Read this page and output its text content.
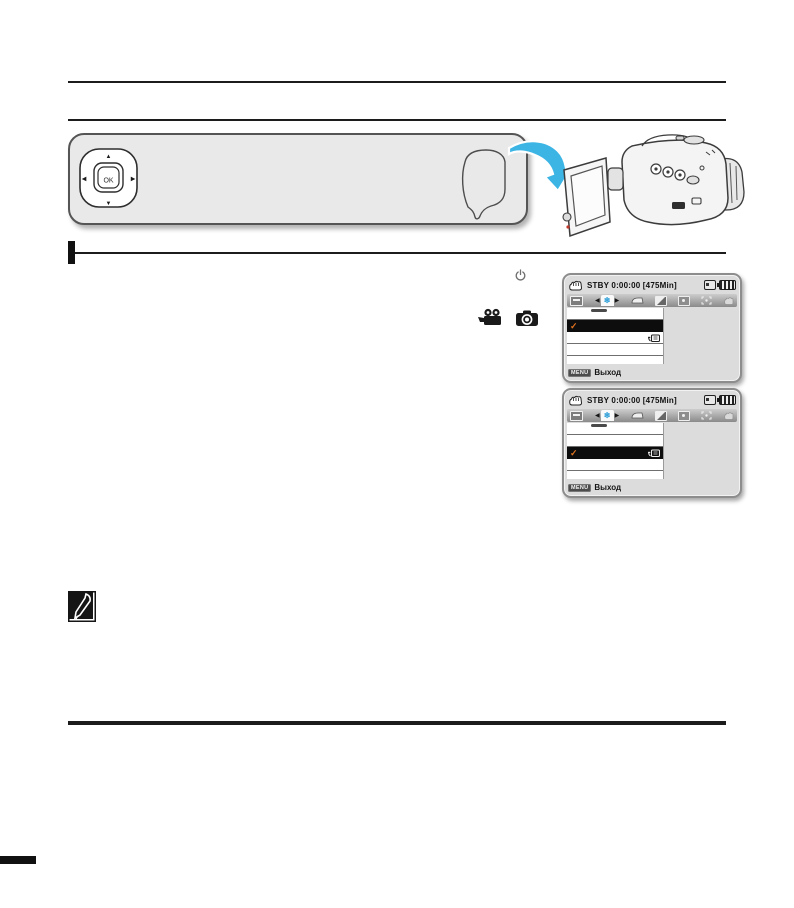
▲
▼
◀	▶
OK
STBY 0:00:00 [475Min]
◀ ❄ ▶
✓
MENU Выход
STBY 0:00:00 [475Min]
◀ ❄ ▶
✓
MENU Выход
